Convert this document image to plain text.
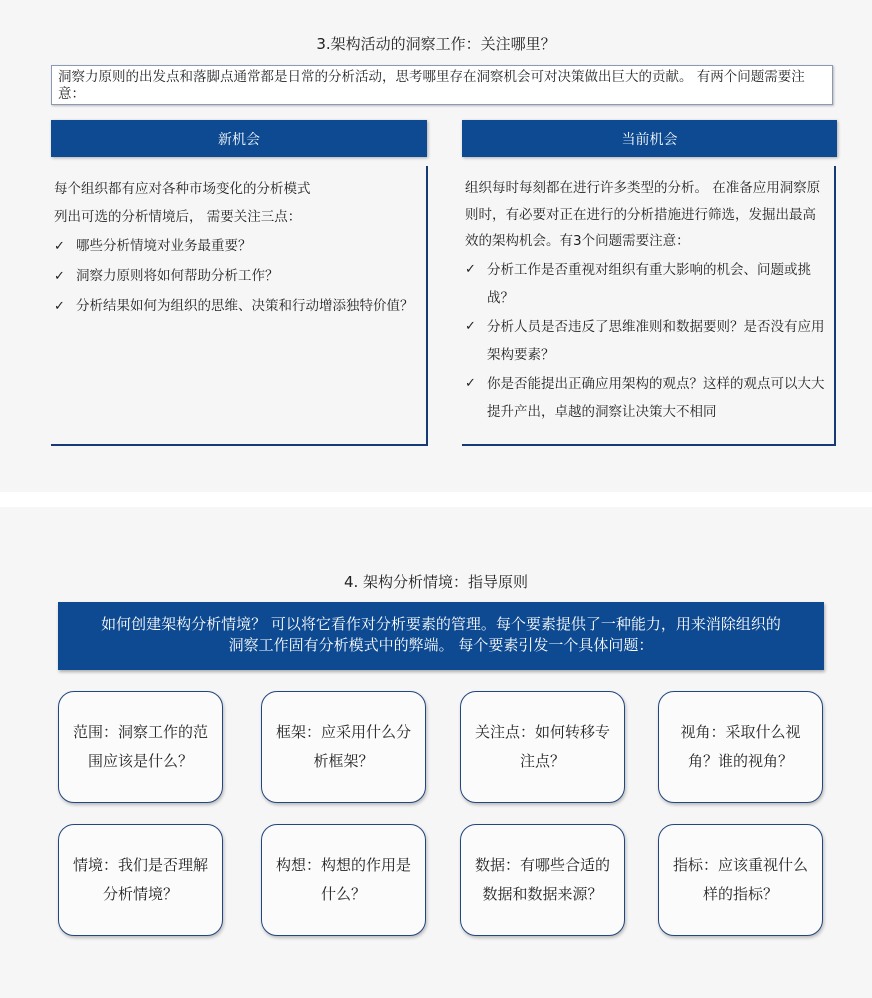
3.架构活动的洞察工作：关注哪里？
洞察力原则的出发点和落脚点通常都是日常的分析活动，思考哪里存在洞察机会可对决策做出巨大的贡献。 有两个问题需要注意：
新机会	当前机会

每个组织都有应对各种市场变化的分析模式

列出可选的分析情境后， 需要关注三点：

✓ 哪些分析情境对业务最重要？
✓ 洞察力原则将如何帮助分析工作？
✓ 分析结果如何为组织的思维、决策和行动增添独特价值？

组织每时每刻都在进行许多类型的分析。 在准备应用洞察原则时，有必要对正在进行的分析措施进行筛选，发掘出最高效的架构机会。有3个问题需要注意：

✓ 分析工作是否重视对组织有重大影响的机会、问题或挑战？
✓ 分析人员是否违反了思维准则和数据要则？是否没有应用架构要素？
✓ 你是否能提出正确应用架构的观点？这样的观点可以大大提升产出，卓越的洞察让决策大不相同
4. 架构分析情境：指导原则
如何创建架构分析情境？ 可以将它看作对分析要素的管理。每个要素提供了一种能力，用来消除组织的
洞察工作固有分析模式中的弊端。 每个要素引发一个具体问题：
范围：洞察工作的范围应该是什么？
框架：应采用什么分析框架？
关注点：如何转移专注点？
视角：采取什么视角？谁的视角？
情境：我们是否理解分析情境？
构想：构想的作用是什么？
数据：有哪些合适的数据和数据来源？
指标：应该重视什么样的指标？
